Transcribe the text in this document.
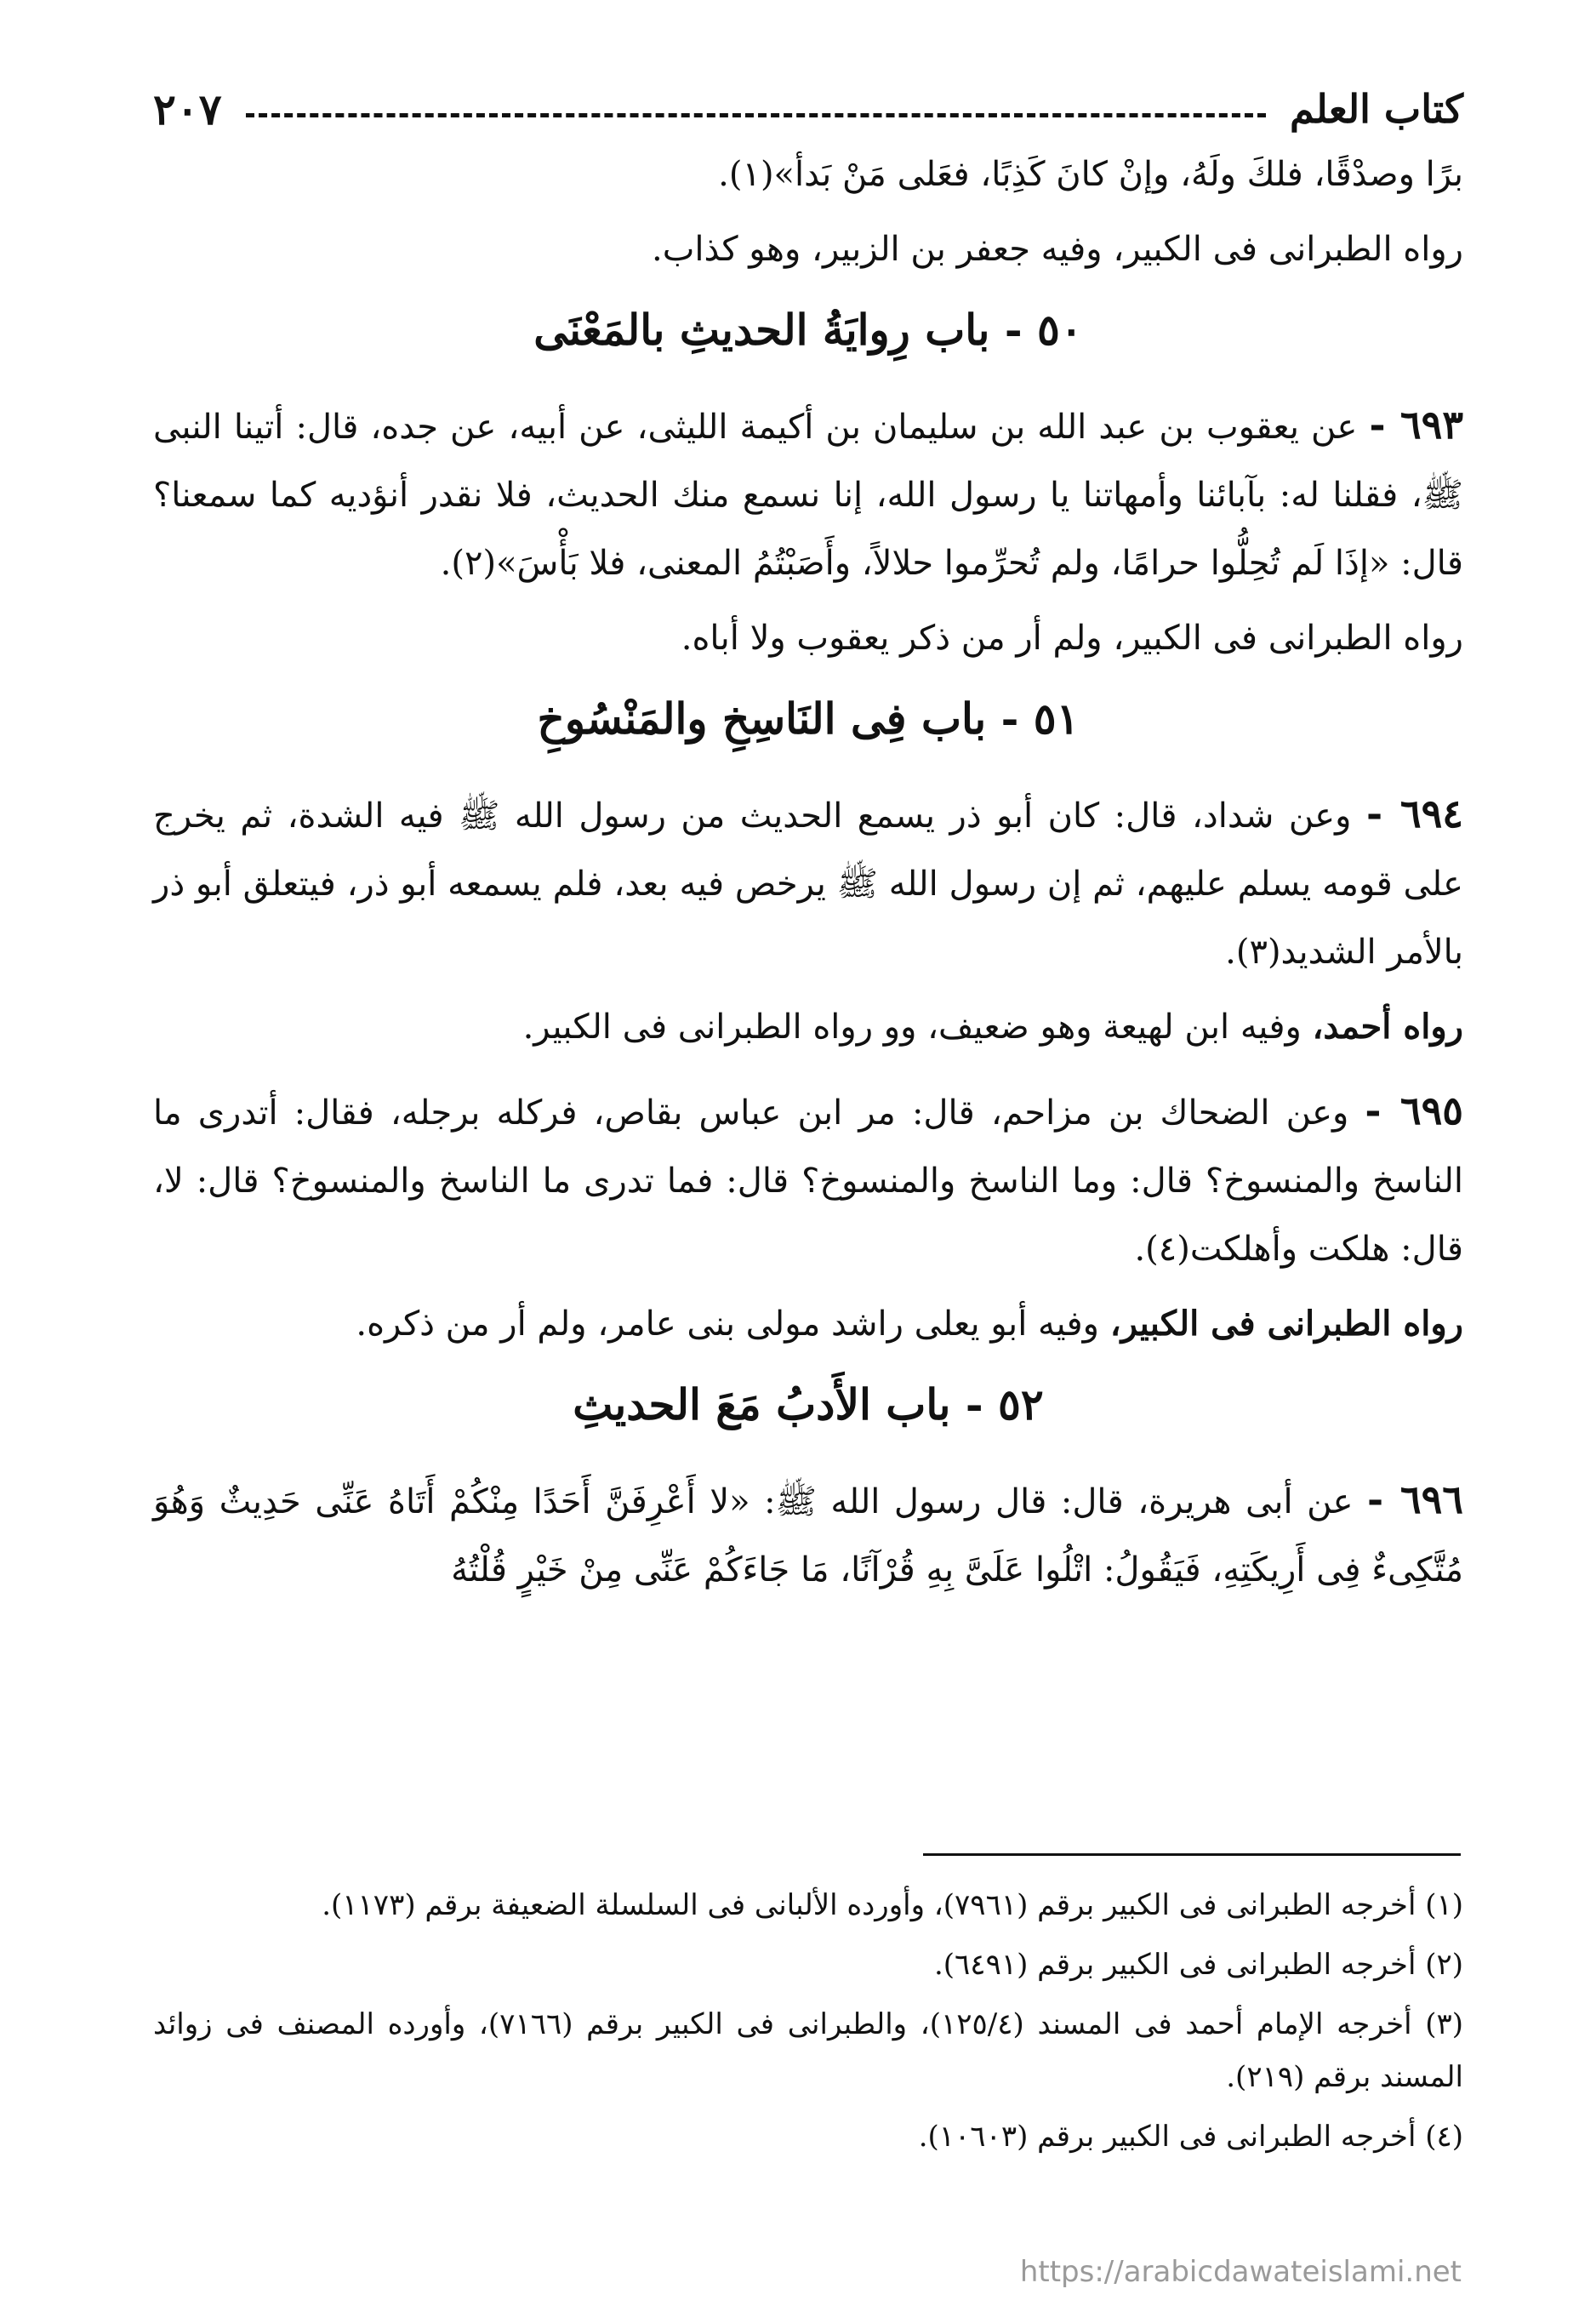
كتاب العلم
٢٠٧

برًا وصدْقًا، فلكَ ولَهُ، وإنْ كانَ كَذِبًا، فعَلى مَنْ بَدأ»(١).

رواه الطبرانى فى الكبير، وفيه جعفر بن الزبير، وهو كذاب.

٥٠ - باب رِوايَةُ الحديثِ بالمَعْنَى

٦٩٣ - عن يعقوب بن عبد الله بن سليمان بن أكيمة الليثى، عن أبيه، عن جده، قال: أتينا النبى ﷺ، فقلنا له: بآبائنا وأمهاتنا يا رسول الله، إنا نسمع منك الحديث، فلا نقدر أنؤديه كما سمعنا؟ قال: «إذَا لَم تُحِلُّوا حرامًا، ولم تُحرِّموا حلالاً، وأَصَبْتُمُ المعنى، فلا بَأْسَ»(٢).

رواه الطبرانى فى الكبير، ولم أر من ذكر يعقوب ولا أباه.

٥١ - باب فِى النَاسِخِ والمَنْسُوخِ

٦٩٤ - وعن شداد، قال: كان أبو ذر يسمع الحديث من رسول الله ﷺ فيه الشدة، ثم يخرج على قومه يسلم عليهم، ثم إن رسول الله ﷺ يرخص فيه بعد، فلم يسمعه أبو ذر، فيتعلق أبو ذر بالأمر الشديد(٣).

رواه أحمد، وفيه ابن لهيعة وهو ضعيف، وو رواه الطبرانى فى الكبير.

٦٩٥ - وعن الضحاك بن مزاحم، قال: مر ابن عباس بقاص، فركله برجله، فقال: أتدرى ما الناسخ والمنسوخ؟ قال: وما الناسخ والمنسوخ؟ قال: فما تدرى ما الناسخ والمنسوخ؟ قال: لا، قال: هلكت وأهلكت(٤).

رواه الطبرانى فى الكبير، وفيه أبو يعلى راشد مولى بنى عامر، ولم أر من ذكره.

٥٢ - باب الأَدبُ مَعَ الحديثِ

٦٩٦ - عن أبى هريرة، قال: قال رسول الله ﷺ: «لا أَعْرِفَنَّ أَحَدًا مِنْكُمْ أَتَاهُ عَنِّى حَدِيثٌ وَهُوَ مُتَّكِىءٌ فِى أَرِيكَتِهِ، فَيَقُولُ: اتْلُوا عَلَىَّ بِهِ قُرْآنًا، مَا جَاءَكُمْ عَنِّى مِنْ خَيْرٍ قُلْتُهُ

(١) أخرجه الطبرانى فى الكبير برقم (٧٩٦١)، وأورده الألبانى فى السلسلة الضعيفة برقم (١١٧٣).

(٢) أخرجه الطبرانى فى الكبير برقم (٦٤٩١).

(٣) أخرجه الإمام أحمد فى المسند (١٢٥/٤)، والطبرانى فى الكبير برقم (٧١٦٦)، وأورده المصنف فى زوائد المسند برقم (٢١٩).

(٤) أخرجه الطبرانى فى الكبير برقم (١٠٦٠٣).

https://arabicdawateislami.net
